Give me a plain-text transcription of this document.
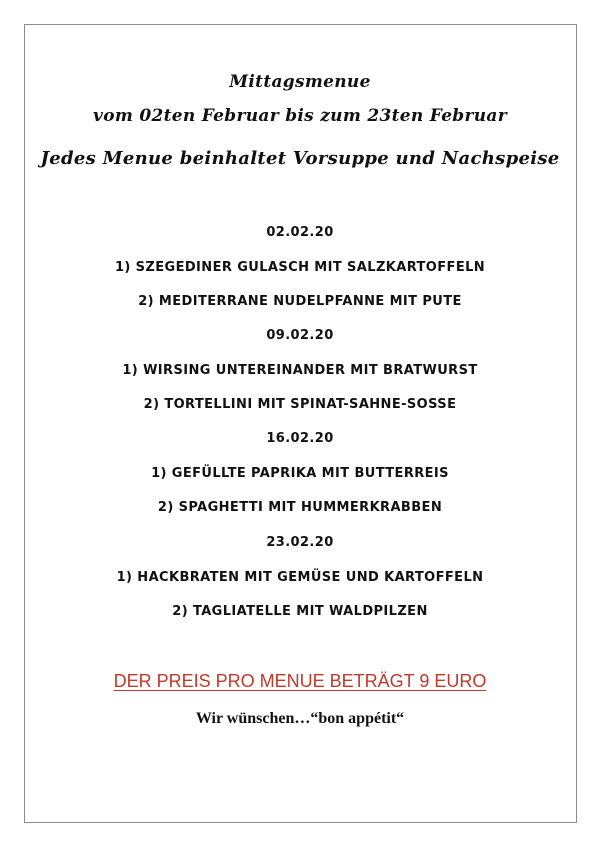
Mittagsmenue
vom 02ten Februar bis zum 23ten Februar
Jedes Menue beinhaltet Vorsuppe und Nachspeise
02.02.20
1) SZEGEDINER GULASCH MIT SALZKARTOFFELN
2) MEDITERRANE NUDELPFANNE MIT PUTE
09.02.20
1) WIRSING UNTEREINANDER MIT BRATWURST
2) TORTELLINI MIT SPINAT-SAHNE-SOSSE
16.02.20
1) GEFÜLLTE PAPRIKA MIT BUTTERREIS
2) SPAGHETTI MIT HUMMERKRABBEN
23.02.20
1) HACKBRATEN MIT GEMÜSE UND KARTOFFELN
2) TAGLIATELLE MIT WALDPILZEN
DER PREIS PRO MENUE BETRÄGT 9 EURO
Wir wünschen…“bon appétit“
